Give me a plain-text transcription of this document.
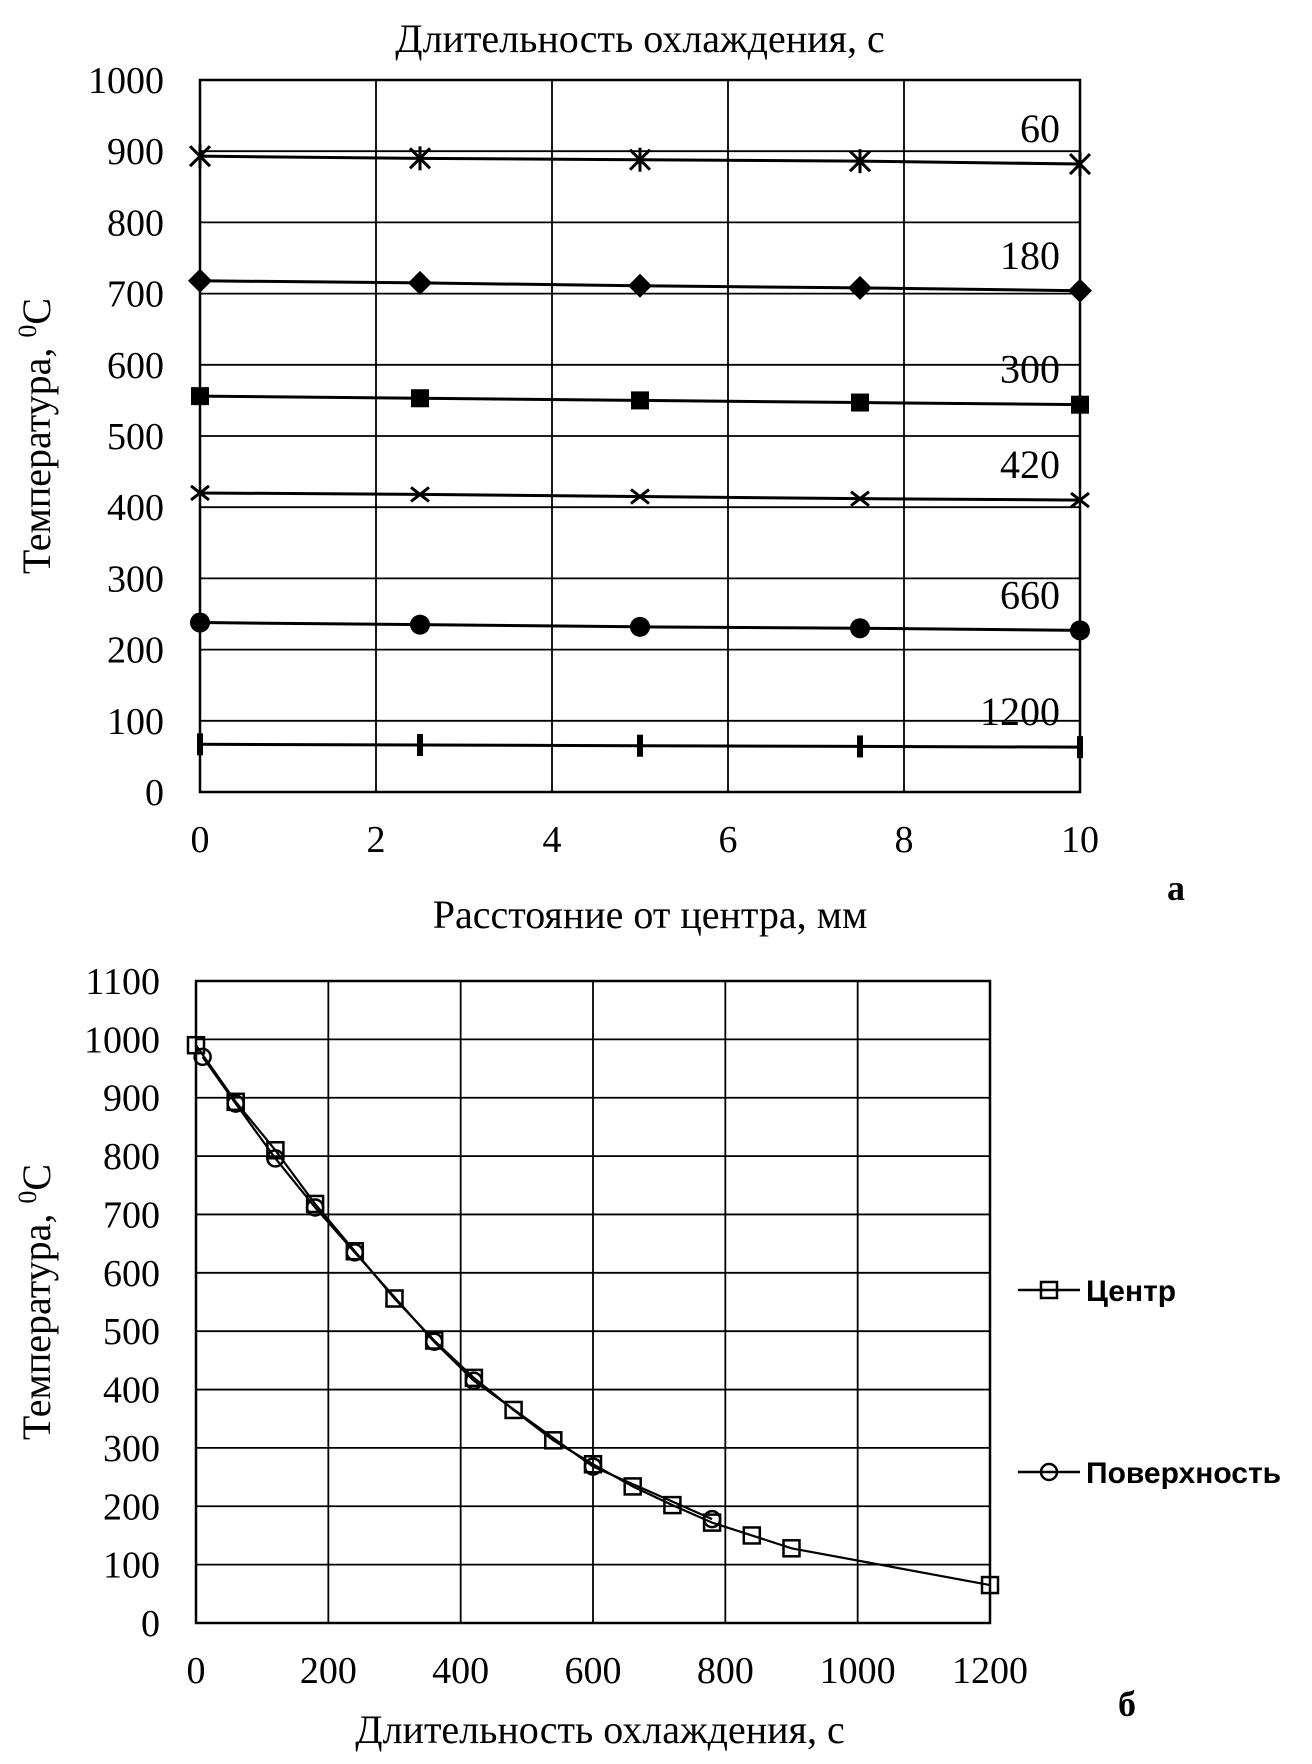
0
100
200
300
400
500
600
700
800
900
1000
0	2	4	6	8	10
60
180
300
420
660
1200
Длительность охлаждения, с
Расстояние от центра, мм
Температура, $^0$С
а
0
100
200
300
400
500
600
700
800
900
1000
1100
0 200 400 600 800 1000 1200
Длительность охлаждения, с
Температура, $^0$С
б
Центр
Поверхность
